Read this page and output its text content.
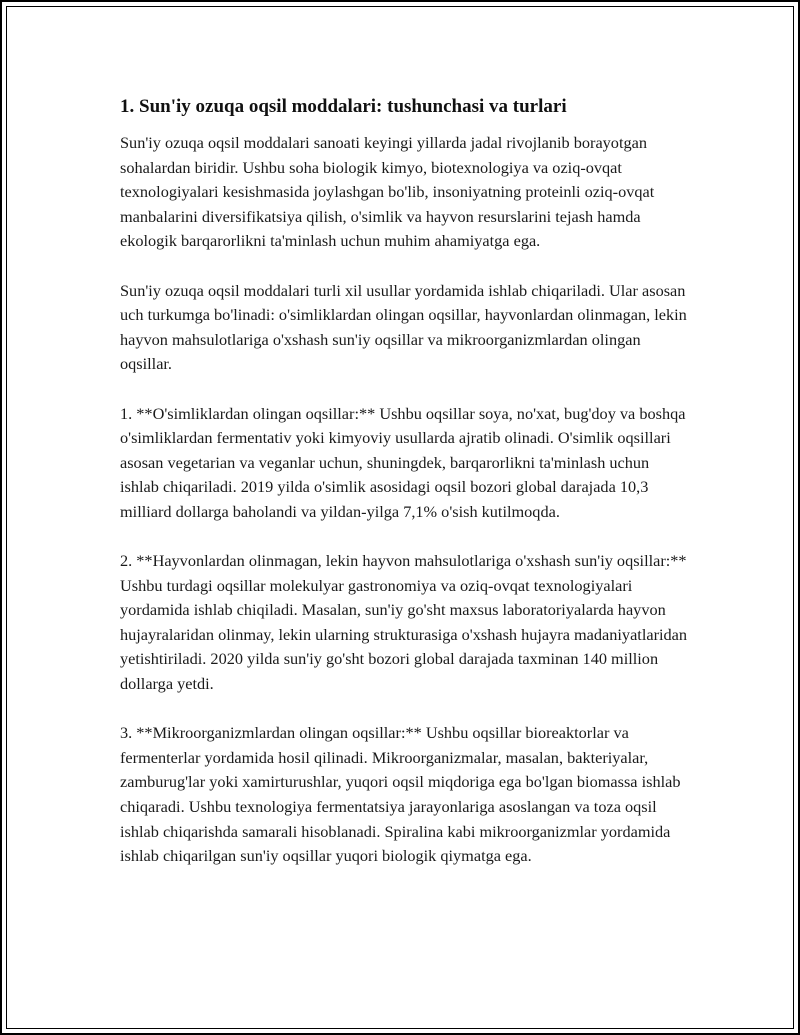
1. Sun'iy ozuqa oqsil moddalari: tushunchasi va turlari

Sun'iy ozuqa oqsil moddalari sanoati keyingi yillarda jadal rivojlanib borayotgan sohalardan biridir. Ushbu soha biologik kimyo, biotexnologiya va oziq-ovqat texnologiyalari kesishmasida joylashgan bo'lib, insoniyatning proteinli oziq-ovqat manbalarini diversifikatsiya qilish, o'simlik va hayvon resurslarini tejash hamda ekologik barqarorlikni ta'minlash uchun muhim ahamiyatga ega.

Sun'iy ozuqa oqsil moddalari turli xil usullar yordamida ishlab chiqariladi. Ular asosan uch turkumga bo'linadi: o'simliklardan olingan oqsillar, hayvonlardan olinmagan, lekin hayvon mahsulotlariga o'xshash sun'iy oqsillar va mikroorganizmlardan olingan oqsillar.

1. **O'simliklardan olingan oqsillar:** Ushbu oqsillar soya, no'xat, bug'doy va boshqa o'simliklardan fermentativ yoki kimyoviy usullarda ajratib olinadi. O'simlik oqsillari asosan vegetarian va veganlar uchun, shuningdek, barqarorlikni ta'minlash uchun ishlab chiqariladi. 2019 yilda o'simlik asosidagi oqsil bozori global darajada 10,3 milliard dollarga baholandi va yildan-yilga 7,1% o'sish kutilmoqda.

2. **Hayvonlardan olinmagan, lekin hayvon mahsulotlariga o'xshash sun'iy oqsillar:** Ushbu turdagi oqsillar molekulyar gastronomiya va oziq-ovqat texnologiyalari yordamida ishlab chiqiladi. Masalan, sun'iy go'sht maxsus laboratoriyalarda hayvon hujayralaridan olinmay, lekin ularning strukturasiga o'xshash hujayra madaniyatlaridan yetishtiriladi. 2020 yilda sun'iy go'sht bozori global darajada taxminan 140 million dollarga yetdi.

3. **Mikroorganizmlardan olingan oqsillar:** Ushbu oqsillar bioreaktorlar va fermenterlar yordamida hosil qilinadi. Mikroorganizmalar, masalan, bakteriyalar, zamburug'lar yoki xamirturushlar, yuqori oqsil miqdoriga ega bo'lgan biomassa ishlab chiqaradi. Ushbu texnologiya fermentatsiya jarayonlariga asoslangan va toza oqsil ishlab chiqarishda samarali hisoblanadi. Spiralina kabi mikroorganizmlar yordamida ishlab chiqarilgan sun'iy oqsillar yuqori biologik qiymatga ega.
